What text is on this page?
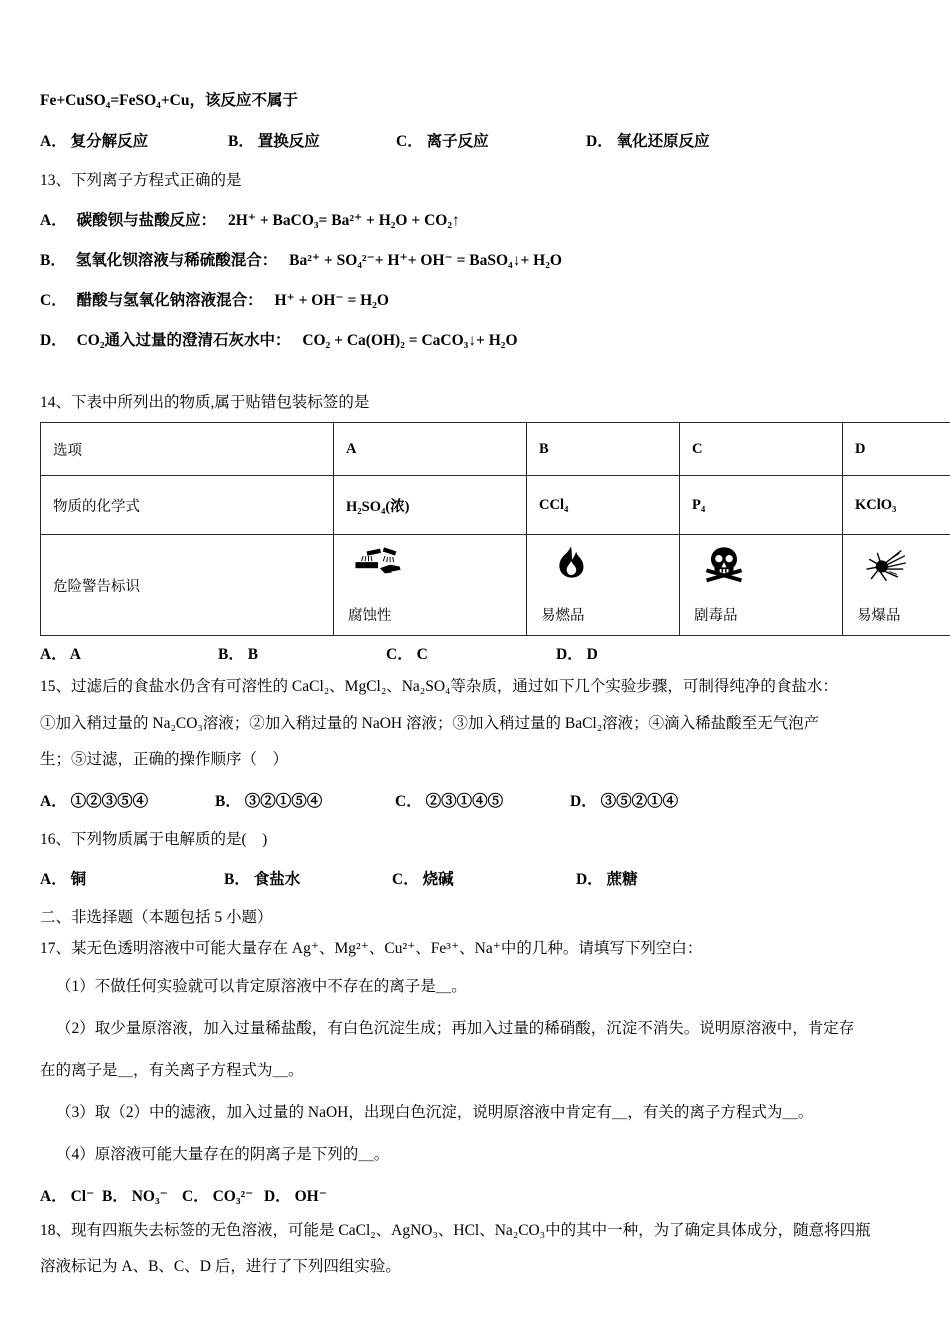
Fe+CuSO₄=FeSO₄+Cu，该反应不属于
A． 复分解反应	B． 置换反应	C． 离子反应	D． 氧化还原反应
13、下列离子方程式正确的是
A． 碳酸钡与盐酸反应： 2H⁺ + BaCO₃= Ba²⁺ + H₂O + CO₂↑
B． 氢氧化钡溶液与稀硫酸混合： Ba²⁺ + SO₄²⁻+ H⁺+ OH⁻ = BaSO₄↓+ H₂O
C． 醋酸与氢氧化钠溶液混合： H⁺ + OH⁻ = H₂O
D． CO₂通入过量的澄清石灰水中： CO₂ + Ca(OH)₂ = CaCO₃↓+ H₂O
14、下表中所列出的物质,属于贴错包装标签的是
选项	A	B	C	D
物质的化学式	H₂SO₄(浓)	CCl₄	P₄	KClO₃
危险警告标识	腐蚀性	易燃品	剧毒品	易爆品
A． A	B． B	C． C	D． D
15、过滤后的食盐水仍含有可溶性的 CaCl₂、MgCl₂、Na₂SO₄等杂质，通过如下几个实验步骤，可制得纯净的食盐水：
①加入稍过量的 Na₂CO₃溶液；②加入稍过量的 NaOH 溶液；③加入稍过量的 BaCl₂溶液；④滴入稀盐酸至无气泡产
生；⑤过滤，正确的操作顺序（　）
A． ①②③⑤④	B． ③②①⑤④	C． ②③①④⑤	D． ③⑤②①④
16、下列物质属于电解质的是(　)
A． 铜	B． 食盐水	C． 烧碱	D． 蔗糖
二、非选择题（本题包括 5 小题）
17、某无色透明溶液中可能大量存在 Ag⁺、Mg²⁺、Cu²⁺、Fe³⁺、Na⁺中的几种。请填写下列空白：
（1）不做任何实验就可以肯定原溶液中不存在的离子是＿。
（2）取少量原溶液，加入过量稀盐酸，有白色沉淀生成；再加入过量的稀硝酸，沉淀不消失。说明原溶液中，肯定存
在的离子是＿，有关离子方程式为＿。
（3）取（2）中的滤液，加入过量的 NaOH，出现白色沉淀，说明原溶液中肯定有＿，有关的离子方程式为＿。
（4）原溶液可能大量存在的阴离子是下列的＿。
A． Cl⁻ B． NO₃⁻ C． CO₃²⁻ D． OH⁻
18、现有四瓶失去标签的无色溶液，可能是 CaCl₂、AgNO₃、HCl、Na₂CO₃中的其中一种，为了确定具体成分，随意将四瓶
溶液标记为 A、B、C、D 后，进行了下列四组实验。
